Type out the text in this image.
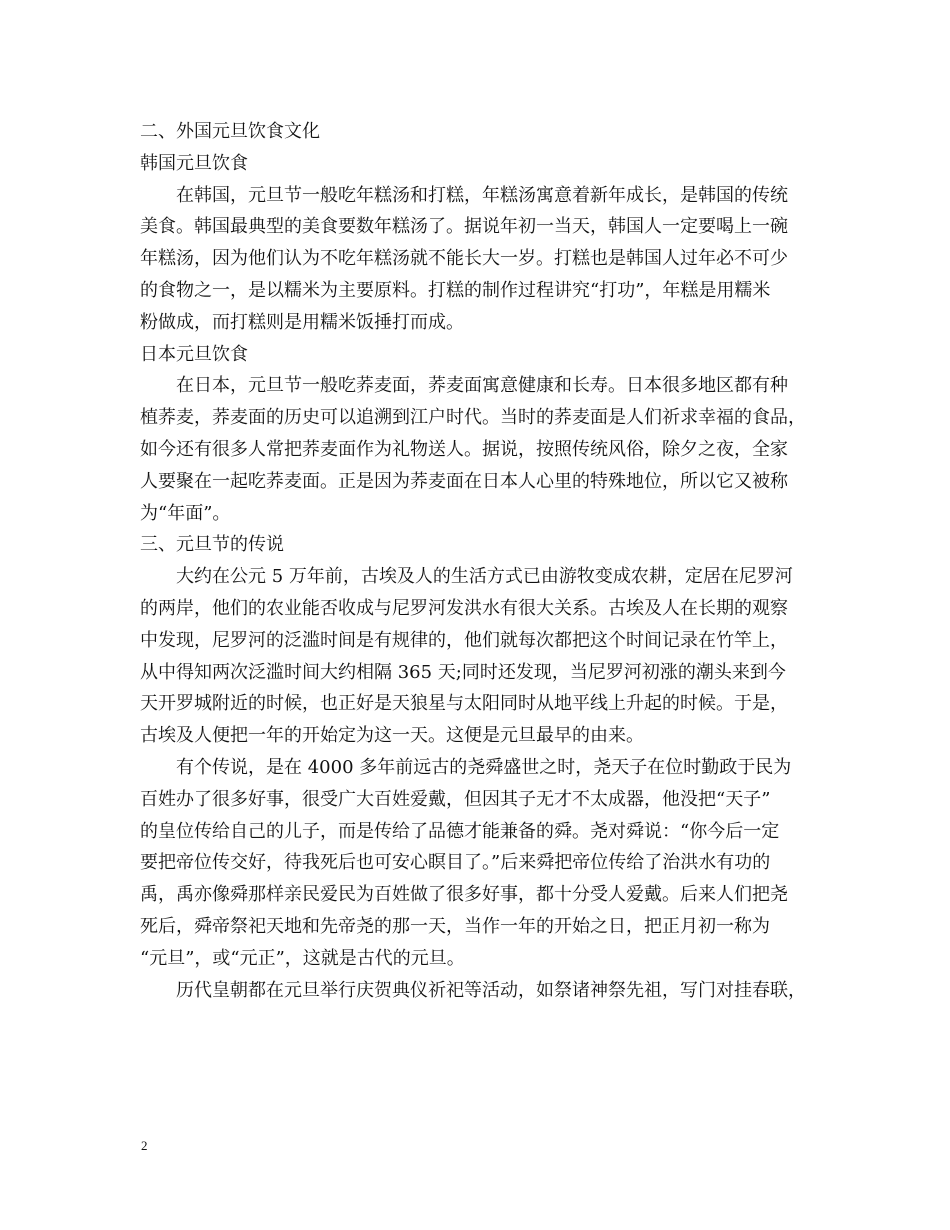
二、外国元旦饮食文化
韩国元旦饮食
在韩国，元旦节一般吃年糕汤和打糕，年糕汤寓意着新年成长，是韩国的传统
美食。韩国最典型的美食要数年糕汤了。据说年初一当天，韩国人一定要喝上一碗
年糕汤，因为他们认为不吃年糕汤就不能长大一岁。打糕也是韩国人过年必不可少
的食物之一，是以糯米为主要原料。打糕的制作过程讲究“打功”，年糕是用糯米
粉做成，而打糕则是用糯米饭捶打而成。
日本元旦饮食
在日本，元旦节一般吃荞麦面，荞麦面寓意健康和长寿。日本很多地区都有种
植荞麦，荞麦面的历史可以追溯到江户时代。当时的荞麦面是人们祈求幸福的食品，
如今还有很多人常把荞麦面作为礼物送人。据说，按照传统风俗，除夕之夜，全家
人要聚在一起吃荞麦面。正是因为荞麦面在日本人心里的特殊地位，所以它又被称
为“年面”。
三、元旦节的传说
大约在公元 5 万年前，古埃及人的生活方式已由游牧变成农耕，定居在尼罗河
的两岸，他们的农业能否收成与尼罗河发洪水有很大关系。古埃及人在长期的观察
中发现，尼罗河的泛滥时间是有规律的，他们就每次都把这个时间记录在竹竿上，
从中得知两次泛滥时间大约相隔 365 天;同时还发现，当尼罗河初涨的潮头来到今
天开罗城附近的时候，也正好是天狼星与太阳同时从地平线上升起的时候。于是，
古埃及人便把一年的开始定为这一天。这便是元旦最早的由来。
有个传说，是在 4000 多年前远古的尧舜盛世之时，尧天子在位时勤政于民为
百姓办了很多好事，很受广大百姓爱戴，但因其子无才不太成器，他没把“天子”
的皇位传给自己的儿子，而是传给了品德才能兼备的舜。尧对舜说：“你今后一定
要把帝位传交好，待我死后也可安心瞑目了。”后来舜把帝位传给了治洪水有功的
禹，禹亦像舜那样亲民爱民为百姓做了很多好事，都十分受人爱戴。后来人们把尧
死后，舜帝祭祀天地和先帝尧的那一天，当作一年的开始之日，把正月初一称为
“元旦”，或“元正”，这就是古代的元旦。
历代皇朝都在元旦举行庆贺典仪祈祀等活动，如祭诸神祭先祖，写门对挂春联，
2
